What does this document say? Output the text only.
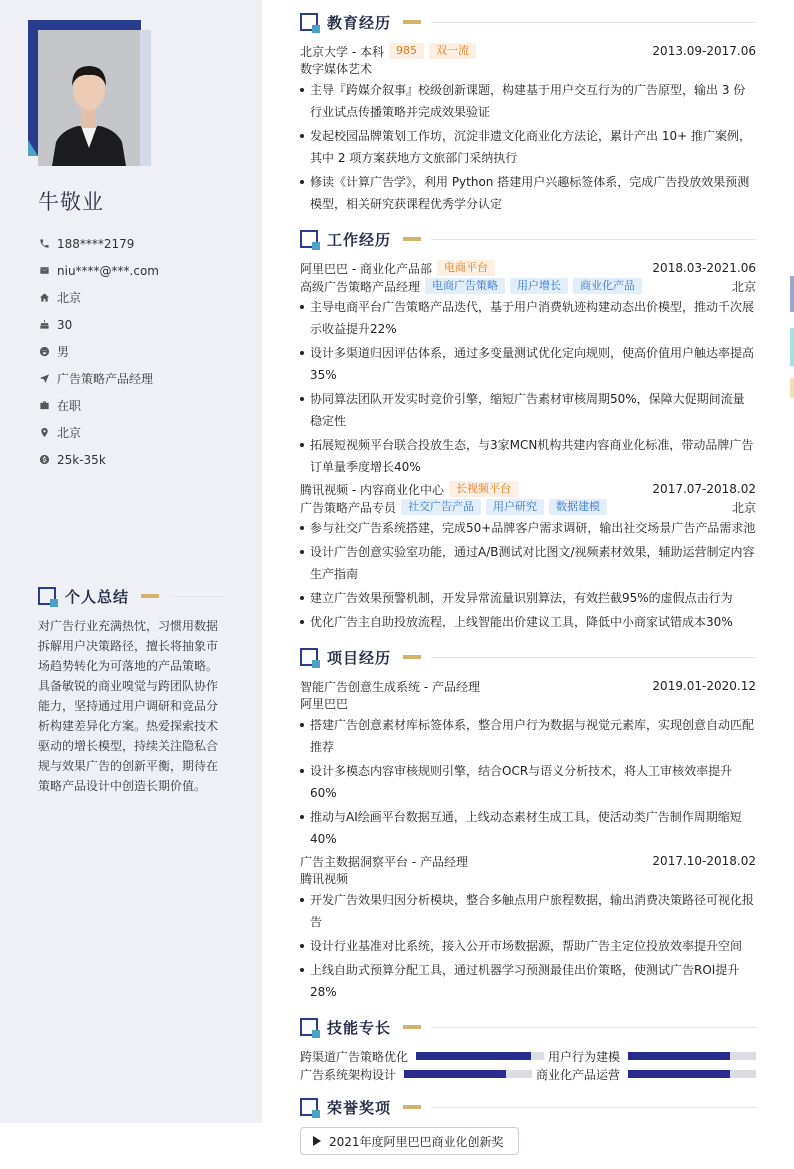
牛敬业
188****2179
niu****@***.com
北京
30
男
广告策略产品经理
在职
北京
25k-35k
个人总结
对广告行业充满热忱，习惯用数据拆解用户决策路径，擅长将抽象市场趋势转化为可落地的产品策略。具备敏锐的商业嗅觉与跨团队协作能力，坚持通过用户调研和竞品分析构建差异化方案。热爱探索技术驱动的增长模型，持续关注隐私合规与效果广告的创新平衡，期待在策略产品设计中创造长期价值。
教育经历
北京大学 - 本科	985	双一流	2013.09-2017.06
数字媒体艺术
主导『跨媒介叙事』校级创新课题，构建基于用户交互行为的广告原型，输出 3 份行业试点传播策略并完成效果验证
发起校园品牌策划工作坊，沉淀非遗文化商业化方法论，累计产出 10+ 推广案例，其中 2 项方案获地方文旅部门采纳执行
修读《计算广告学》，利用 Python 搭建用户兴趣标签体系，完成广告投放效果预测模型，相关研究获课程优秀学分认定
工作经历
阿里巴巴 - 商业化产品部	电商平台	2018.03-2021.06
高级广告策略产品经理	电商广告策略	用户增长	商业化产品	北京
主导电商平台广告策略产品迭代，基于用户消费轨迹构建动态出价模型，推动千次展示收益提升22%
设计多渠道归因评估体系，通过多变量测试优化定向规则，使高价值用户触达率提高35%
协同算法团队开发实时竞价引擎，缩短广告素材审核周期50%，保障大促期间流量稳定性
拓展短视频平台联合投放生态，与3家MCN机构共建内容商业化标准，带动品牌广告订单量季度增长40%
腾讯视频 - 内容商业化中心	长视频平台	2017.07-2018.02
广告策略产品专员	社交广告产品	用户研究	数据建模	北京
参与社交广告系统搭建，完成50+品牌客户需求调研，输出社交场景广告产品需求池
设计广告创意实验室功能，通过A/B测试对比图文/视频素材效果，辅助运营制定内容生产指南
建立广告效果预警机制，开发异常流量识别算法，有效拦截95%的虚假点击行为
优化广告主自助投放流程，上线智能出价建议工具，降低中小商家试错成本30%
项目经历
智能广告创意生成系统 - 产品经理	2019.01-2020.12
阿里巴巴
搭建广告创意素材库标签体系，整合用户行为数据与视觉元素库，实现创意自动匹配推荐
设计多模态内容审核规则引擎，结合OCR与语义分析技术，将人工审核效率提升60%
推动与AI绘画平台数据互通，上线动态素材生成工具，使活动类广告制作周期缩短40%
广告主数据洞察平台 - 产品经理	2017.10-2018.02
腾讯视频
开发广告效果归因分析模块，整合多触点用户旅程数据，输出消费决策路径可视化报告
设计行业基准对比系统，接入公开市场数据源，帮助广告主定位投放效率提升空间
上线自助式预算分配工具，通过机器学习预测最佳出价策略，使测试广告ROI提升28%
技能专长
跨渠道广告策略优化	用户行为建模
广告系统架构设计	商业化产品运营
荣誉奖项
2021年度阿里巴巴商业化创新奖
